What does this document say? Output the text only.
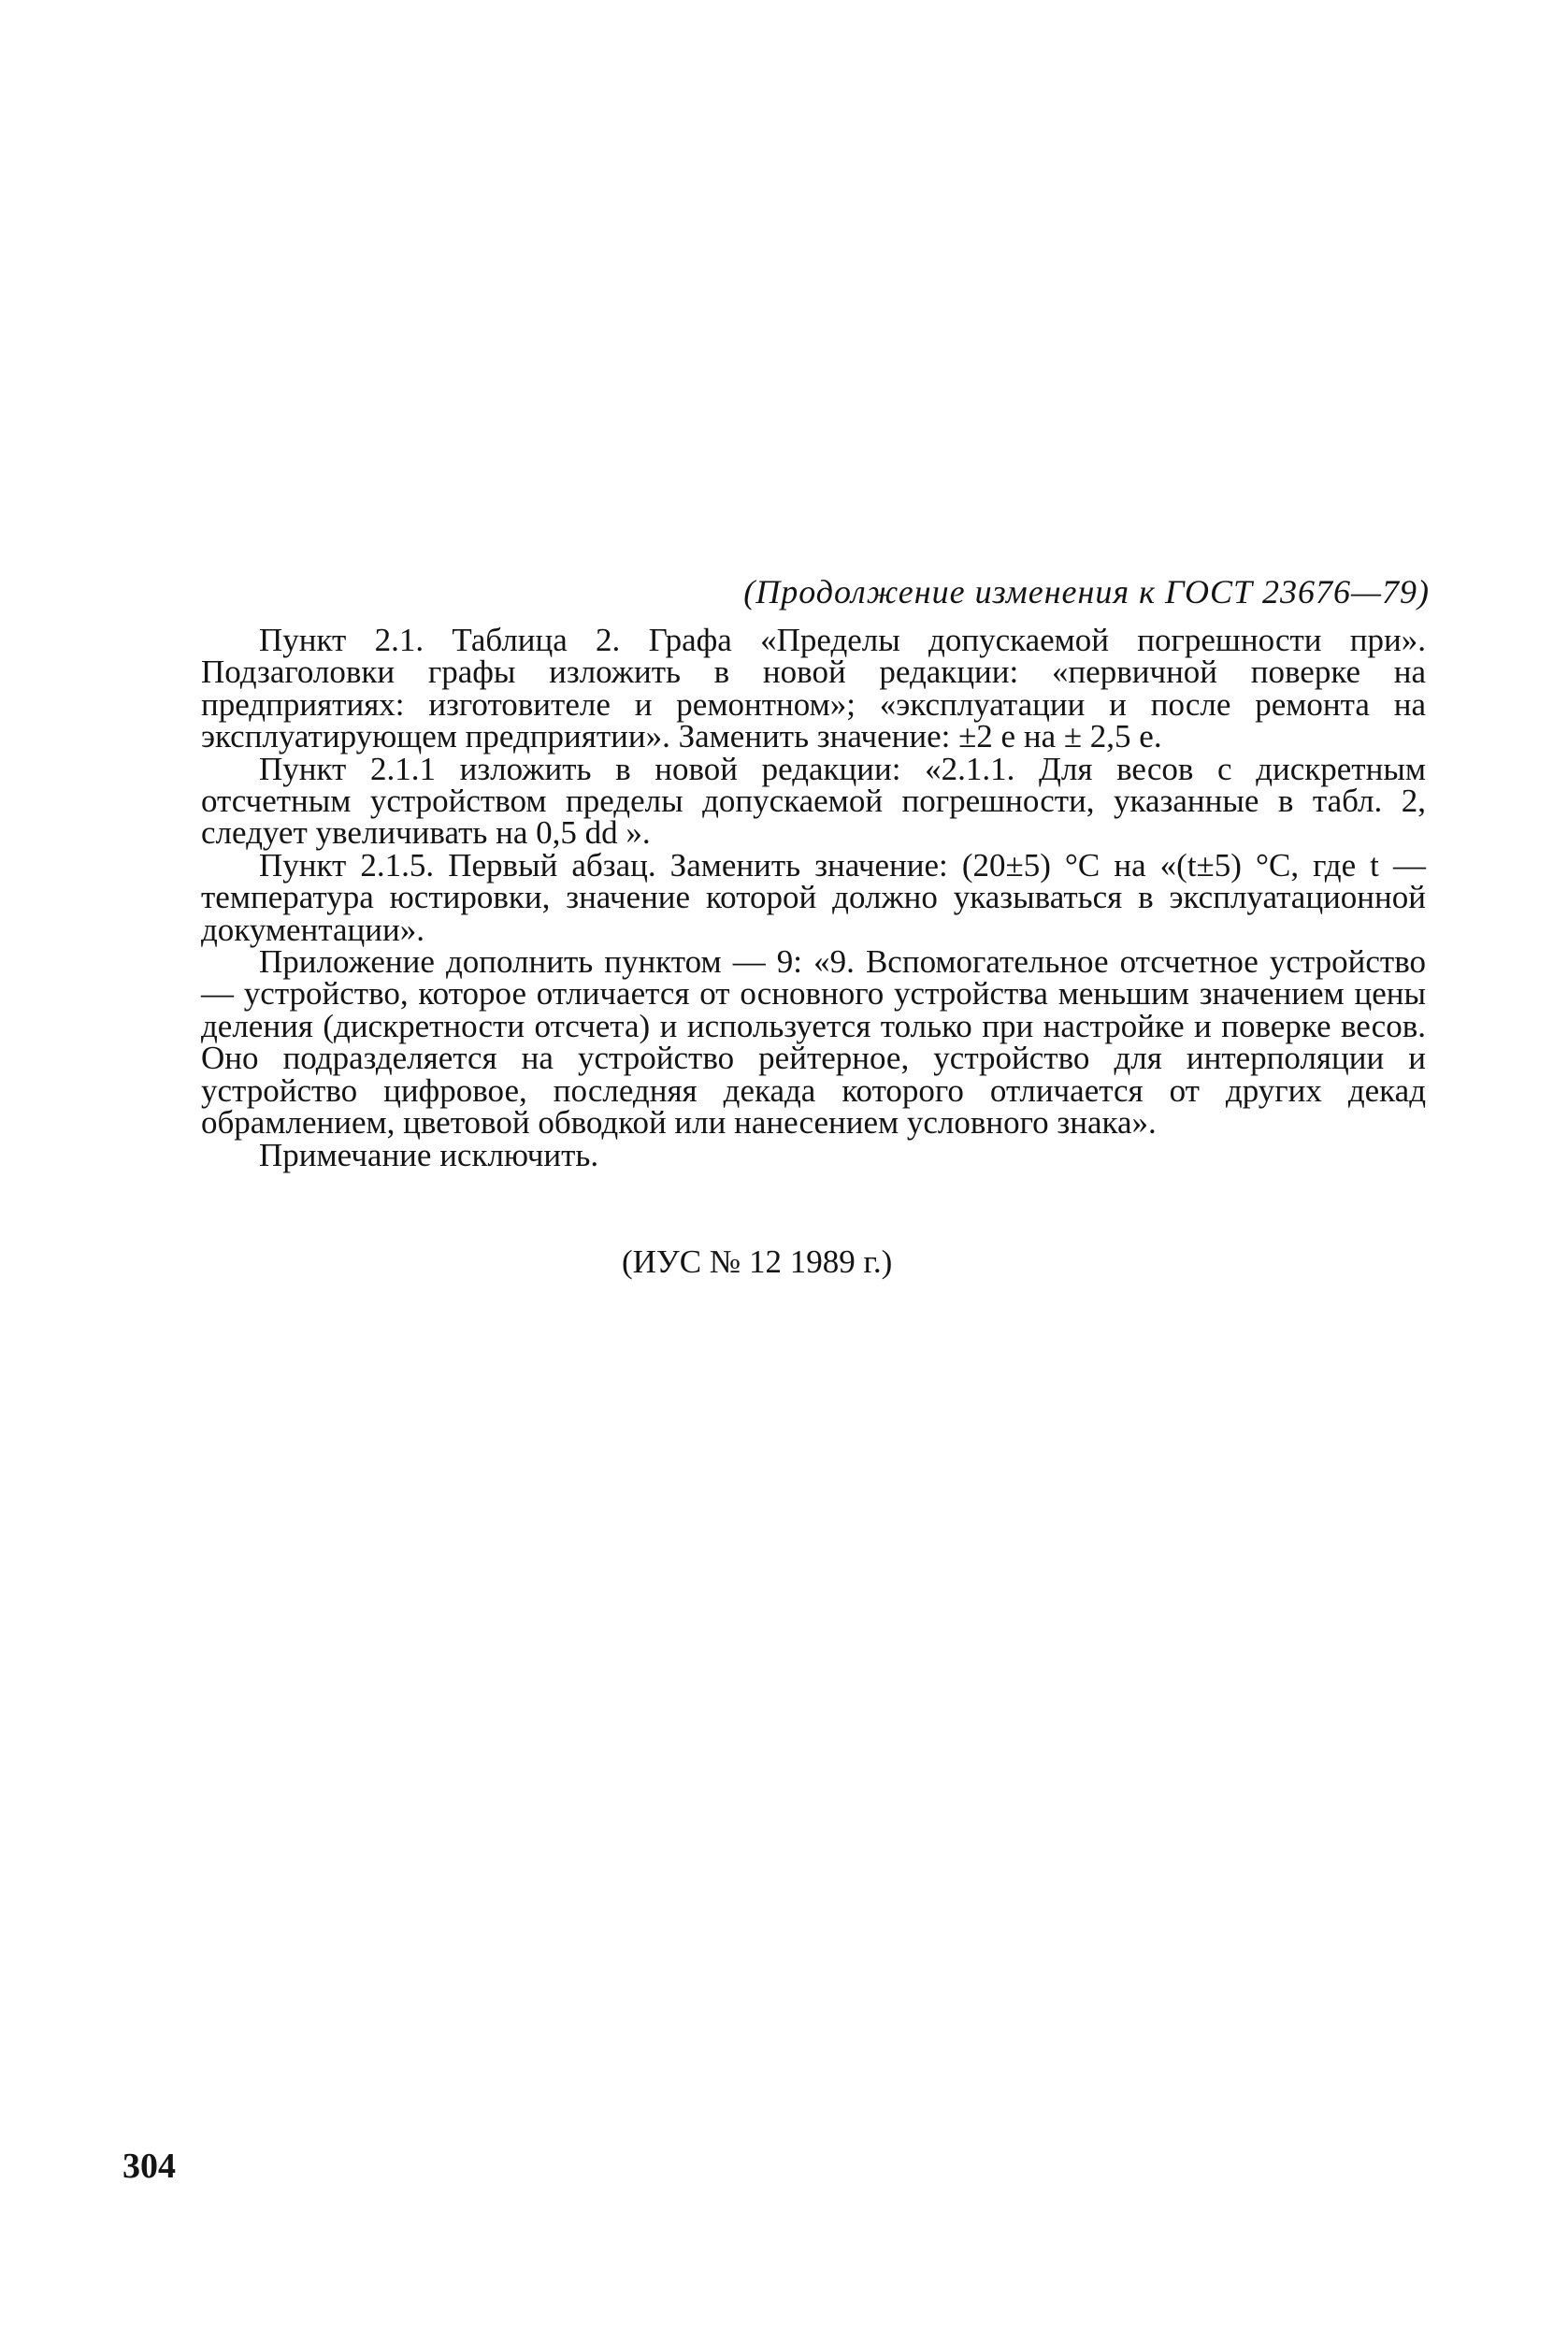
(Продолжение изменения к ГОСТ 23676—79)

Пункт 2.1. Таблица 2. Графа «Пределы допускаемой погрешности при». Подзаголовки графы изложить в новой редакции: «первичной поверке на предприятиях: изготовителе и ремонтном»; «эксплуатации и после ремонта на эксплуатирующем предприятии». Заменить значение: ±2 е на ± 2,5 е.

Пункт 2.1.1 изложить в новой редакции: «2.1.1. Для весов с дискретным отсчетным устройством пределы допускаемой погрешности, указанные в табл. 2, следует увеличивать на 0,5 dd ».

Пункт 2.1.5. Первый абзац. Заменить значение: (20±5) °С на «(t±5) °С, где t — температура юстировки, значение которой должно указываться в эксплуатационной документации».

Приложение дополнить пунктом — 9: «9. Вспомогательное отсчетное устройство — устройство, которое отличается от основного устройства меньшим значением цены деления (дискретности отсчета) и используется только при настройке и поверке весов. Оно подразделяется на устройство рейтерное, устройство для интерполяции и устройство цифровое, последняя декада которого отличается от других декад обрамлением, цветовой обводкой или нанесением условного знака».

Примечание исключить.

(ИУС № 12 1989 г.)
304
